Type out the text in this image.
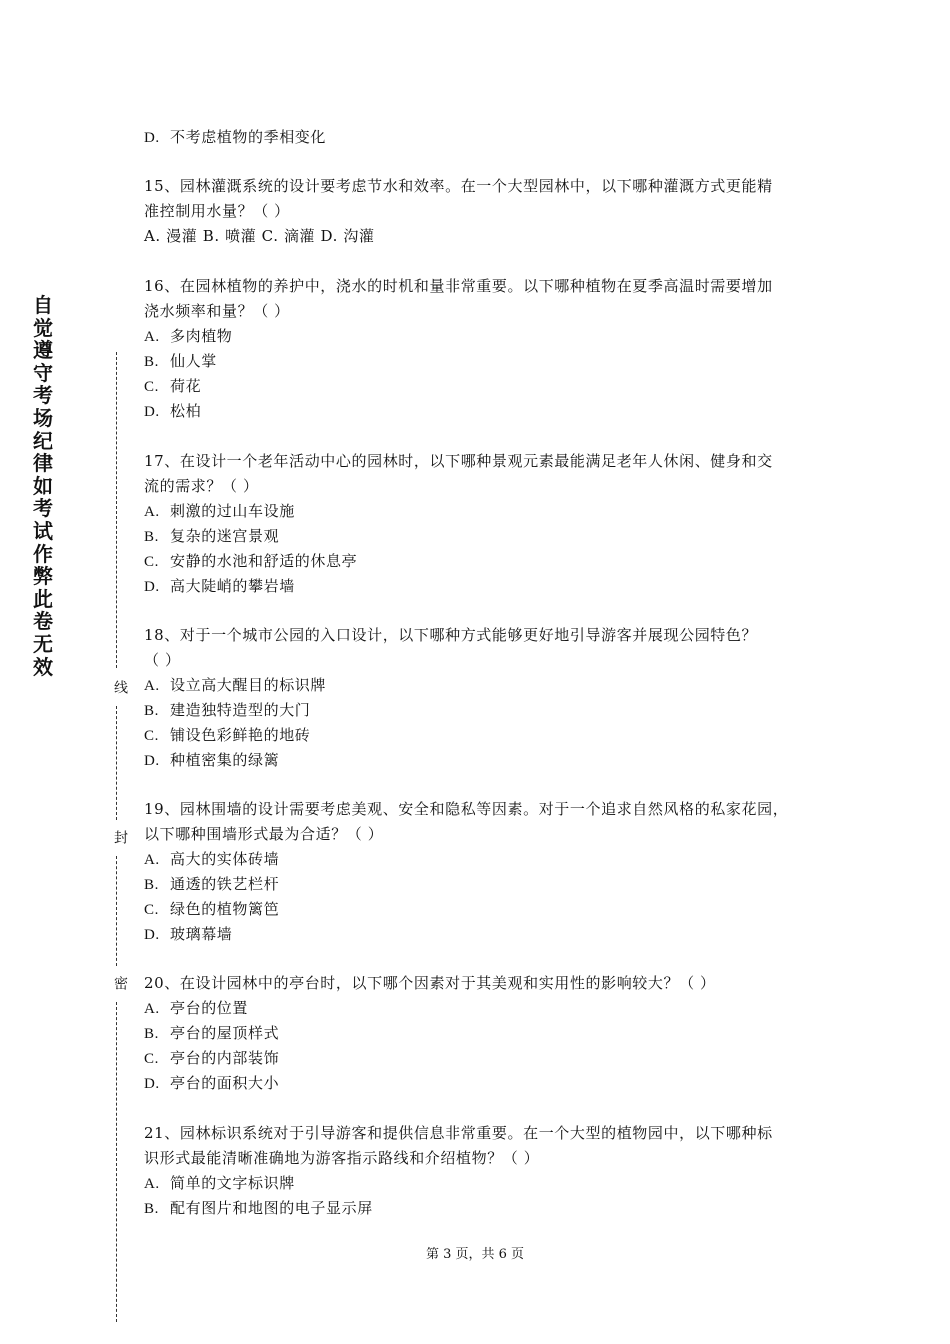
自觉遵守考场纪律如考试作弊此卷无效
线
封
密
D. 不考虑植物的季相变化
15、园林灌溉系统的设计要考虑节水和效率。在一个大型园林中，以下哪种灌溉方式更能精
准控制用水量？（ ）
A. 漫灌 B. 喷灌 C. 滴灌 D. 沟灌
16、在园林植物的养护中，浇水的时机和量非常重要。以下哪种植物在夏季高温时需要增加
浇水频率和量？（ ）
A. 多肉植物
B. 仙人掌
C. 荷花
D. 松柏
17、在设计一个老年活动中心的园林时，以下哪种景观元素最能满足老年人休闲、健身和交
流的需求？（ ）
A. 刺激的过山车设施
B. 复杂的迷宫景观
C. 安静的水池和舒适的休息亭
D. 高大陡峭的攀岩墙
18、对于一个城市公园的入口设计，以下哪种方式能够更好地引导游客并展现公园特色？
（ ）
A. 设立高大醒目的标识牌
B. 建造独特造型的大门
C. 铺设色彩鲜艳的地砖
D. 种植密集的绿篱
19、园林围墙的设计需要考虑美观、安全和隐私等因素。对于一个追求自然风格的私家花园，
以下哪种围墙形式最为合适？（ ）
A. 高大的实体砖墙
B. 通透的铁艺栏杆
C. 绿色的植物篱笆
D. 玻璃幕墙
20、在设计园林中的亭台时，以下哪个因素对于其美观和实用性的影响较大？（ ）
A. 亭台的位置
B. 亭台的屋顶样式
C. 亭台的内部装饰
D. 亭台的面积大小
21、园林标识系统对于引导游客和提供信息非常重要。在一个大型的植物园中，以下哪种标
识形式最能清晰准确地为游客指示路线和介绍植物？（ ）
A. 简单的文字标识牌
B. 配有图片和地图的电子显示屏
第 3 页，共 6 页
